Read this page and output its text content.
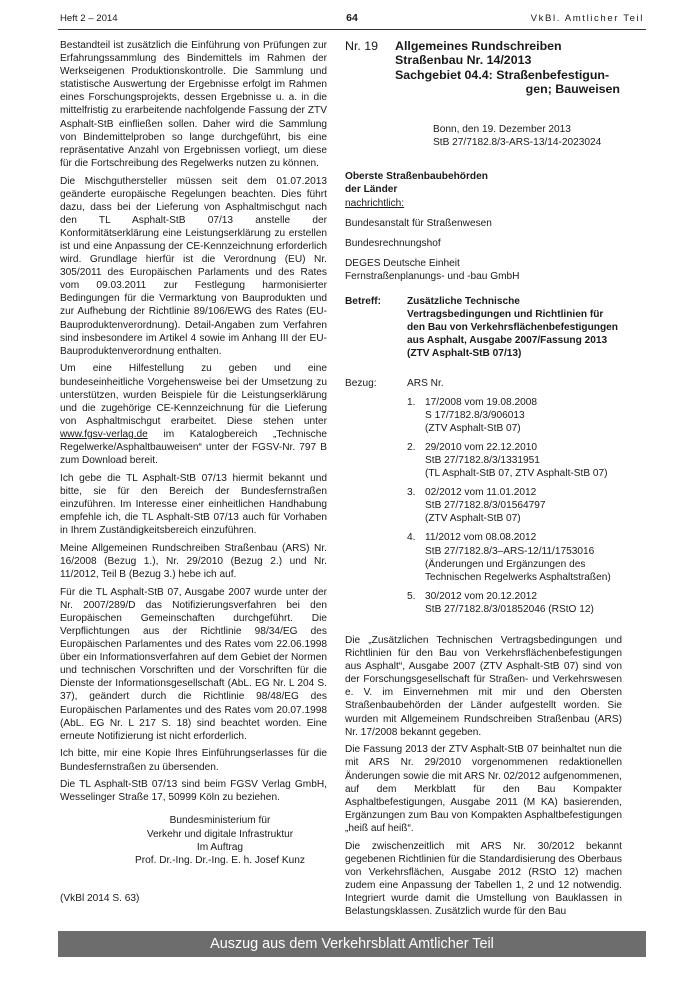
Heft 2 – 2014	64	VkBl. Amtlicher Teil

Bestandteil ist zusätzlich die Einführung von Prüfungen zur Erfahrungssammlung des Bindemittels im Rahmen der Werkseigenen Produktionskontrolle. Die Sammlung und statistische Auswertung der Ergebnisse erfolgt im Rahmen eines Forschungsprojekts, dessen Ergebnisse u. a. in die mittelfristig zu erarbeitende nachfolgende Fassung der ZTV Asphalt-StB einfließen sollen. Daher wird die Sammlung von Bindemittelproben so lange durchgeführt, bis eine repräsentative Anzahl von Ergebnissen vorliegt, um diese für die Fortschreibung des Regelwerks nutzen zu können.

Die Mischguthersteller müssen seit dem 01.07.2013 geänderte europäische Regelungen beachten. Dies führt dazu, dass bei der Lieferung von Asphaltmischgut nach den TL Asphalt-StB 07/13 anstelle der Konformitätserklärung eine Leistungserklärung zu erstellen ist und eine Anpassung der CE-Kennzeichnung erforderlich wird. Grundlage hierfür ist die Verordnung (EU) Nr. 305/2011 des Europäischen Parlaments und des Rates vom 09.03.2011 zur Festlegung harmonisierter Bedingungen für die Vermarktung von Bauprodukten und zur Aufhebung der Richtlinie 89/106/EWG des Rates (EU-Bauproduktenverordnung). Detail-Angaben zum Verfahren sind insbesondere im Artikel 4 sowie im Anhang III der EU-Bauproduktenverordnung enthalten.

Um eine Hilfestellung zu geben und eine bundeseinheitliche Vorgehensweise bei der Umsetzung zu unterstützen, wurden Beispiele für die Leistungserklärung und die zugehörige CE-Kennzeichnung für die Lieferung von Asphaltmischgut erarbeitet. Diese stehen unter www.fgsv-verlag.de im Katalogbereich „Technische Regelwerke/Asphaltbauweisen“ unter der FGSV-Nr. 797 B zum Download bereit.

Ich gebe die TL Asphalt-StB 07/13 hiermit bekannt und bitte, sie für den Bereich der Bundesfernstraßen einzuführen. Im Interesse einer einheitlichen Handhabung empfehle ich, die TL Asphalt-StB 07/13 auch für Vorhaben in Ihrem Zuständigkeitsbereich einzuführen.

Meine Allgemeinen Rundschreiben Straßenbau (ARS) Nr. 16/2008 (Bezug 1.), Nr. 29/2010 (Bezug 2.) und Nr. 11/2012, Teil B (Bezug 3.) hebe ich auf.

Für die TL Asphalt-StB 07, Ausgabe 2007 wurde unter der Nr. 2007/289/D das Notifizierungsverfahren bei den Europäischen Gemeinschaften durchgeführt. Die Verpflichtungen aus der Richtlinie 98/34/EG des Europäischen Parlamentes und des Rates vom 22.06.1998 über ein Informationsverfahren auf dem Gebiet der Normen und technischen Vorschriften und der Vorschriften für die Dienste der Informationsgesellschaft (AbL. EG Nr. L 204 S. 37), geändert durch die Richtlinie 98/48/EG des Europäischen Parlamentes und des Rates vom 20.07.1998 (AbL. EG Nr. L 217 S. 18) sind beachtet worden. Eine erneute Notifizierung ist nicht erforderlich.

Ich bitte, mir eine Kopie Ihres Einführungserlasses für die Bundesfernstraßen zu übersenden.

Die TL Asphalt-StB 07/13 sind beim FGSV Verlag GmbH, Wesselinger Straße 17, 50999 Köln zu beziehen.

Bundesministerium für
Verkehr und digitale Infrastruktur
Im Auftrag
Prof. Dr.-Ing. Dr.-Ing. E. h. Josef Kunz
(VkBl 2014 S. 63)
Nr. 19	Allgemeines Rundschreiben
Straßenbau Nr. 14/2013
Sachgebiet 04.4: Straßenbefestigun-
gen; Bauweisen
Bonn, den 19. Dezember 2013
StB 27/7182.8/3-ARS-13/14-2023024
Oberste Straßenbaubehörden
der Länder
nachrichtlich:
Bundesanstalt für Straßenwesen
Bundesrechnungshof
DEGES Deutsche Einheit
Fernstraßenplanungs- und -bau GmbH
Betreff:	Zusätzliche Technische Vertragsbedingungen und Richtlinien für den Bau von Verkehrsflächenbefestigungen aus Asphalt, Ausgabe 2007/Fassung 2013 (ZTV Asphalt-StB 07/13)
Bezug:	ARS Nr.
1. 17/2008 vom 19.08.2008
S 17/7182.8/3/906013
(ZTV Asphalt-StB 07)
2. 29/2010 vom 22.12.2010
StB 27/7182.8/3/1331951
(TL Asphalt-StB 07, ZTV Asphalt-StB 07)
3. 02/2012 vom 11.01.2012
StB 27/7182.8/3/01564797
(ZTV Asphalt-StB 07)
4. 11/2012 vom 08.08.2012
StB 27/7182.8/3–ARS-12/11/1753016
(Änderungen und Ergänzungen des Technischen Regelwerks Asphaltstraßen)
5. 30/2012 vom 20.12.2012
StB 27/7182.8/3/01852046 (RStO 12)

Die „Zusätzlichen Technischen Vertragsbedingungen und Richtlinien für den Bau von Verkehrsflächenbefestigungen aus Asphalt“, Ausgabe 2007 (ZTV Asphalt-StB 07) sind von der Forschungsgesellschaft für Straßen- und Verkehrswesen e. V. im Einvernehmen mit mir und den Obersten Straßenbaubehörden der Länder aufgestellt worden. Sie wurden mit Allgemeinem Rundschreiben Straßenbau (ARS) Nr. 17/2008 bekannt gegeben.

Die Fassung 2013 der ZTV Asphalt-StB 07 beinhaltet nun die mit ARS Nr. 29/2010 vorgenommenen redaktionellen Änderungen sowie die mit ARS Nr. 02/2012 aufgenommenen, auf dem Merkblatt für den Bau Kompakter Asphaltbefestigungen, Ausgabe 2011 (M KA) basierenden, Ergänzungen zum Bau von Kompakten Asphaltbefestigungen „heiß auf heiß“.

Die zwischenzeitlich mit ARS Nr. 30/2012 bekannt gegebenen Richtlinien für die Standardisierung des Oberbaus von Verkehrsflächen, Ausgabe 2012 (RStO 12) machen zudem eine Anpassung der Tabellen 1, 2 und 12 notwendig. Integriert wurde damit die Umstellung von Bauklassen in Belastungsklassen. Zusätzlich wurde für den Bau

Auszug aus dem Verkehrsblatt Amtlicher Teil
